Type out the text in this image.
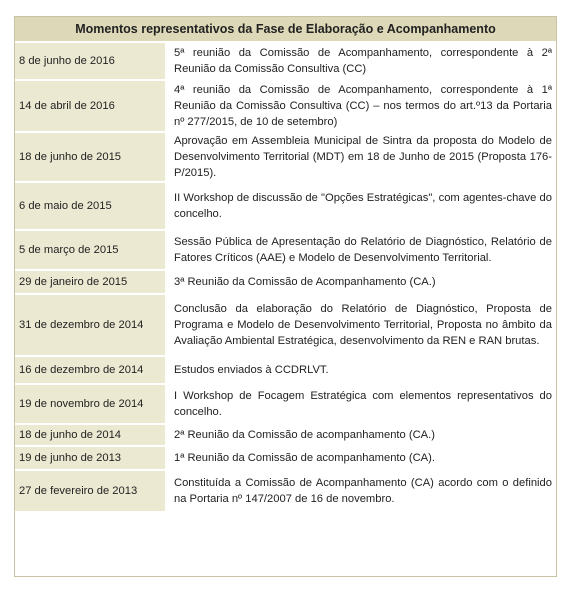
Momentos representativos da Fase de Elaboração e Acompanhamento		
8 de junho de 2016		5ª reunião da Comissão de Acompanhamento, correspondente à 2ª Reunião da Comissão Consultiva (CC)
14 de abril de 2016		4ª reunião da Comissão de Acompanhamento, correspondente à 1ª Reunião da Comissão Consultiva (CC) – nos termos do art.º13 da Portaria nº 277/2015, de 10 de setembro)
18 de junho de 2015		Aprovação em Assembleia Municipal de Sintra da proposta do Modelo de Desenvolvimento Territorial (MDT) em 18 de Junho de 2015 (Proposta 176-P/2015).
6 de maio de 2015		II Workshop de discussão de "Opções Estratégicas", com agentes-chave do concelho.
5 de março de 2015		Sessão Pública de Apresentação do Relatório de Diagnóstico, Relatório de Fatores Críticos (AAE) e Modelo de Desenvolvimento Territorial.
29 de janeiro de 2015		3ª Reunião da Comissão de Acompanhamento (CA.)
31 de dezembro de 2014		Conclusão da elaboração do Relatório de Diagnóstico, Proposta de Programa e Modelo de Desenvolvimento Territorial, Proposta no âmbito da Avaliação Ambiental Estratégica, desenvolvimento da REN e RAN brutas.
16 de dezembro de 2014		Estudos enviados à CCDRLVT.
19 de novembro de 2014		I Workshop de Focagem Estratégica com elementos representativos do concelho.
18 de junho de 2014		2ª Reunião da Comissão de acompanhamento (CA.)
19 de junho de 2013		1ª Reunião da Comissão de acompanhamento (CA).
27 de fevereiro de 2013		Constituída a Comissão de Acompanhamento (CA) acordo com o definido na Portaria nº 147/2007 de 16 de novembro.
